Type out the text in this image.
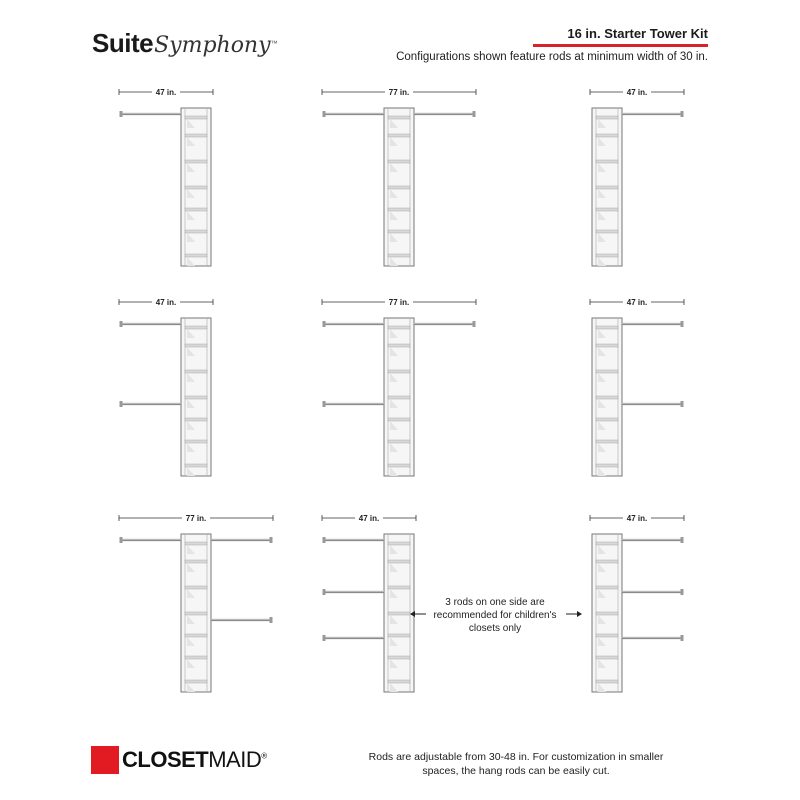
SuiteSymphony™
16 in. Starter Tower Kit
Configurations shown feature rods at minimum width of 30 in.
47 in.	77 in.	47 in.
47 in.	77 in.	47 in.
77 in.	47 in.	47 in.
3 rods on one side are recommended for children's closets only
CLOSETMAID®	Rods are adjustable from 30-48 in. For customization in smaller spaces, the hang rods can be easily cut.
